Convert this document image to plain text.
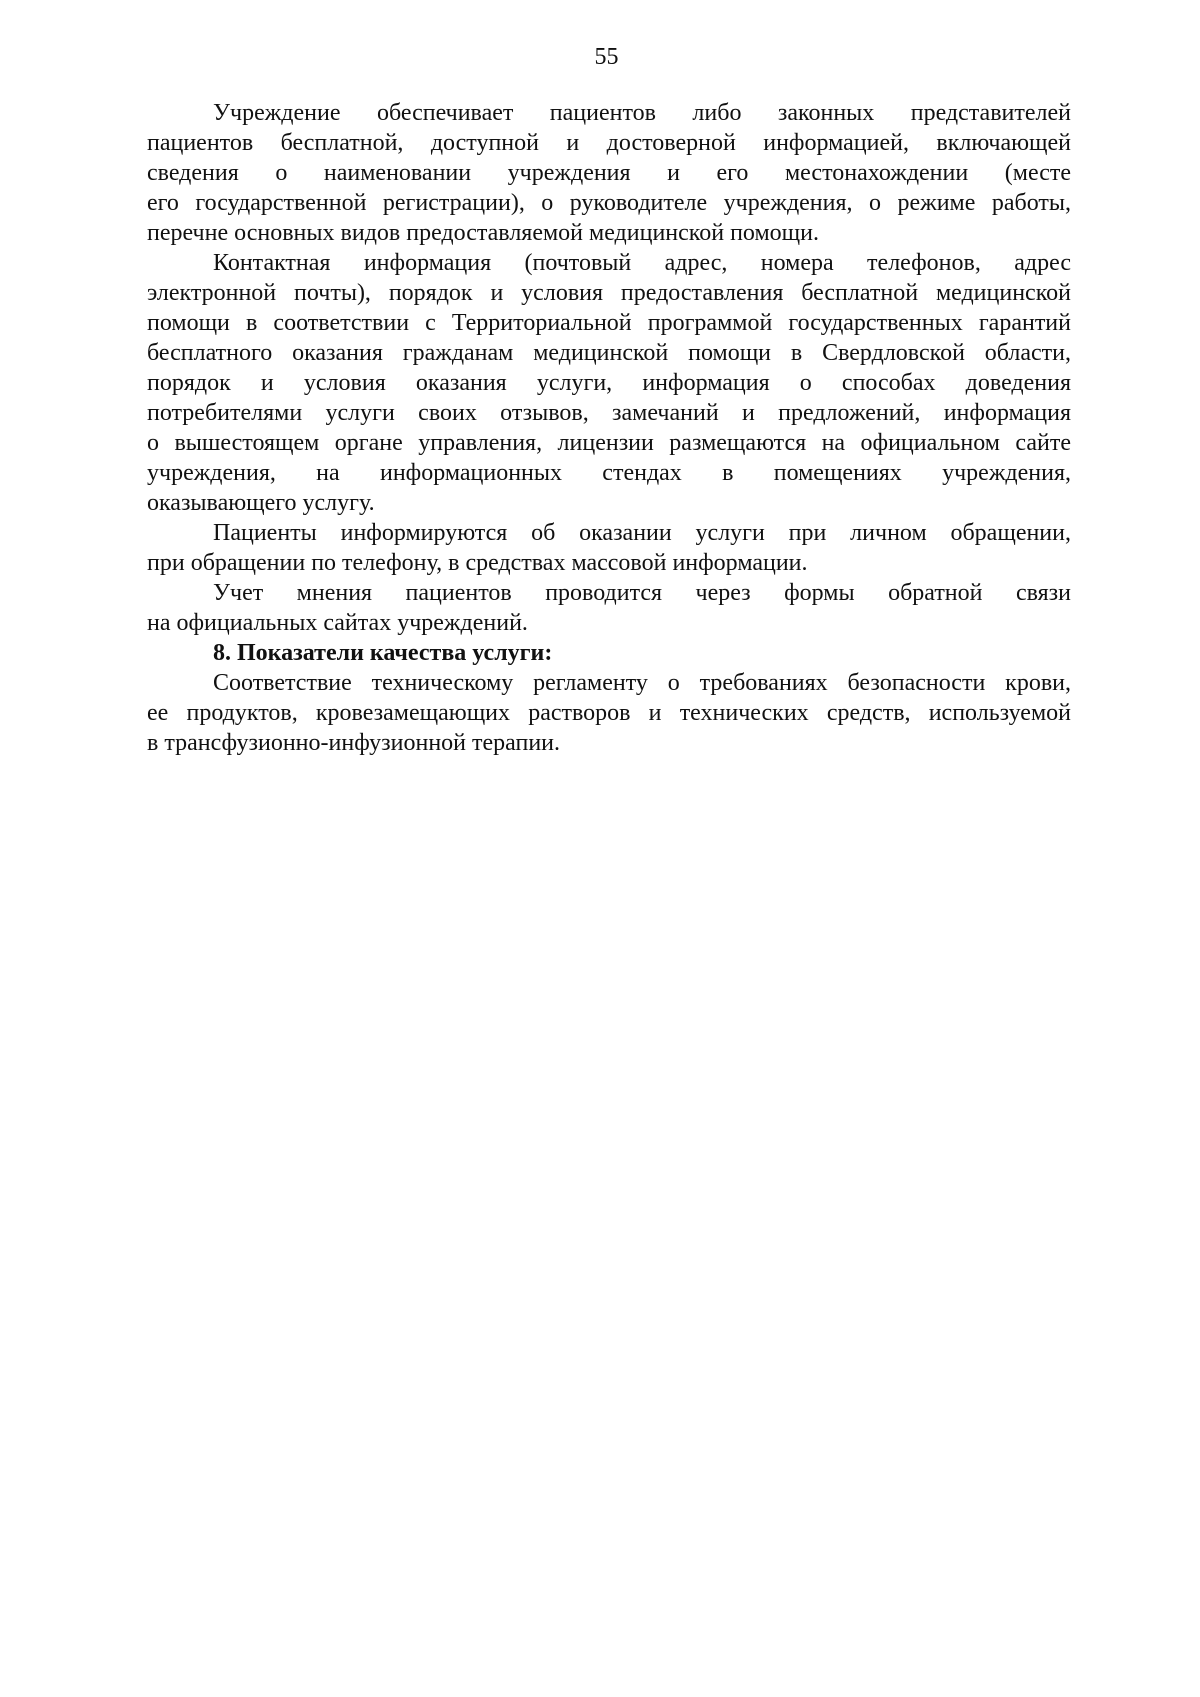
55
Учреждение обеспечивает пациентов либо законных представителей
пациентов бесплатной, доступной и достоверной информацией, включающей
сведения о наименовании учреждения и его местонахождении (месте
его государственной регистрации), о руководителе учреждения, о режиме работы,
перечне основных видов предоставляемой медицинской помощи.
Контактная информация (почтовый адрес, номера телефонов, адрес
электронной почты), порядок и условия предоставления бесплатной медицинской
помощи в соответствии с Территориальной программой государственных гарантий
бесплатного оказания гражданам медицинской помощи в Свердловской области,
порядок и условия оказания услуги, информация о способах доведения
потребителями услуги своих отзывов, замечаний и предложений, информация
о вышестоящем органе управления, лицензии размещаются на официальном сайте
учреждения, на информационных стендах в помещениях учреждения,
оказывающего услугу.
Пациенты информируются об оказании услуги при личном обращении,
при обращении по телефону, в средствах массовой информации.
Учет мнения пациентов проводится через формы обратной связи
на официальных сайтах учреждений.
8. Показатели качества услуги:
Соответствие техническому регламенту о требованиях безопасности крови,
ее продуктов, кровезамещающих растворов и технических средств, используемой
в трансфузионно-инфузионной терапии.
